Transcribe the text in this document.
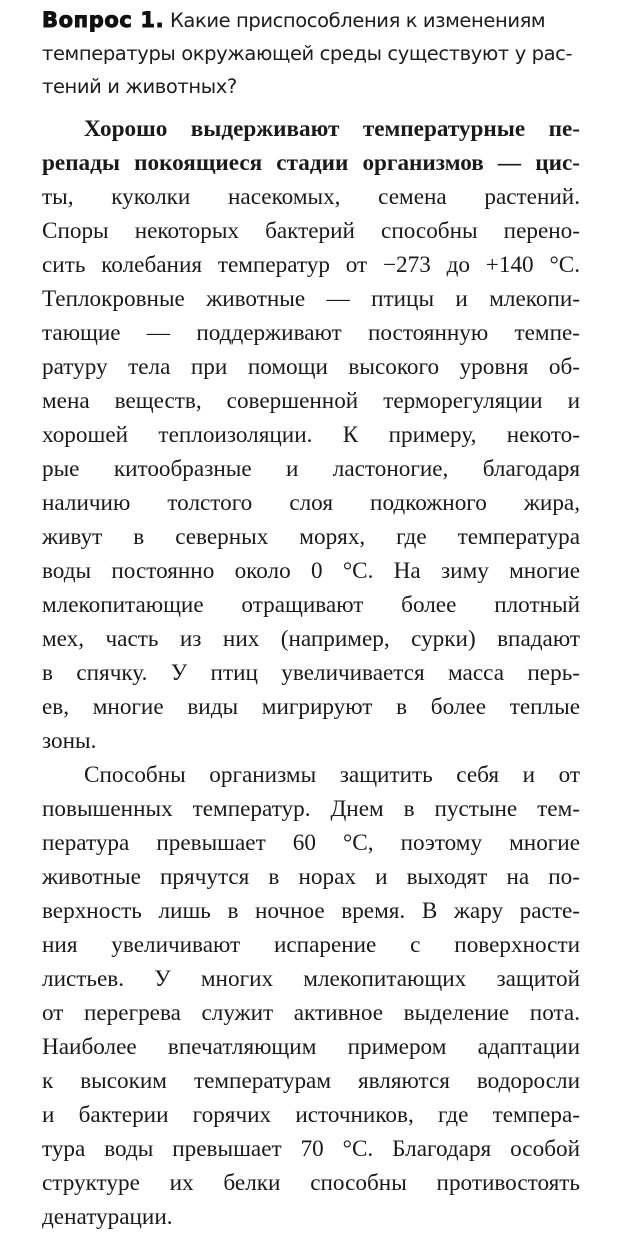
Вопрос 1. Какие приспособления к изменениям
температуры окружающей среды существуют у рас-
тений и животных?
Хорошо выдерживают температурные пе-
репады покоящиеся стадии организмов — цис-
ты, куколки насекомых, семена растений.
Споры некоторых бактерий способны перено-
сить колебания температур от −273 до +140 °С.
Теплокровные животные — птицы и млекопи-
тающие — поддерживают постоянную темпе-
ратуру тела при помощи высокого уровня об-
мена веществ, совершенной терморегуляции и
хорошей теплоизоляции. К примеру, некото-
рые китообразные и ластоногие, благодаря
наличию толстого слоя подкожного жира,
живут в северных морях, где температура
воды постоянно около 0 °С. На зиму многие
млекопитающие отращивают более плотный
мех, часть из них (например, сурки) впадают
в спячку. У птиц увеличивается масса перь-
ев, многие виды мигрируют в более теплые
зоны.
Способны организмы защитить себя и от
повышенных температур. Днем в пустыне тем-
пература превышает 60 °С, поэтому многие
животные прячутся в норах и выходят на по-
верхность лишь в ночное время. В жару расте-
ния увеличивают испарение с поверхности
листьев. У многих млекопитающих защитой
от перегрева служит активное выделение пота.
Наиболее впечатляющим примером адаптации
к высоким температурам являются водоросли
и бактерии горячих источников, где темпера-
тура воды превышает 70 °С. Благодаря особой
структуре их белки способны противостоять
денатурации.
